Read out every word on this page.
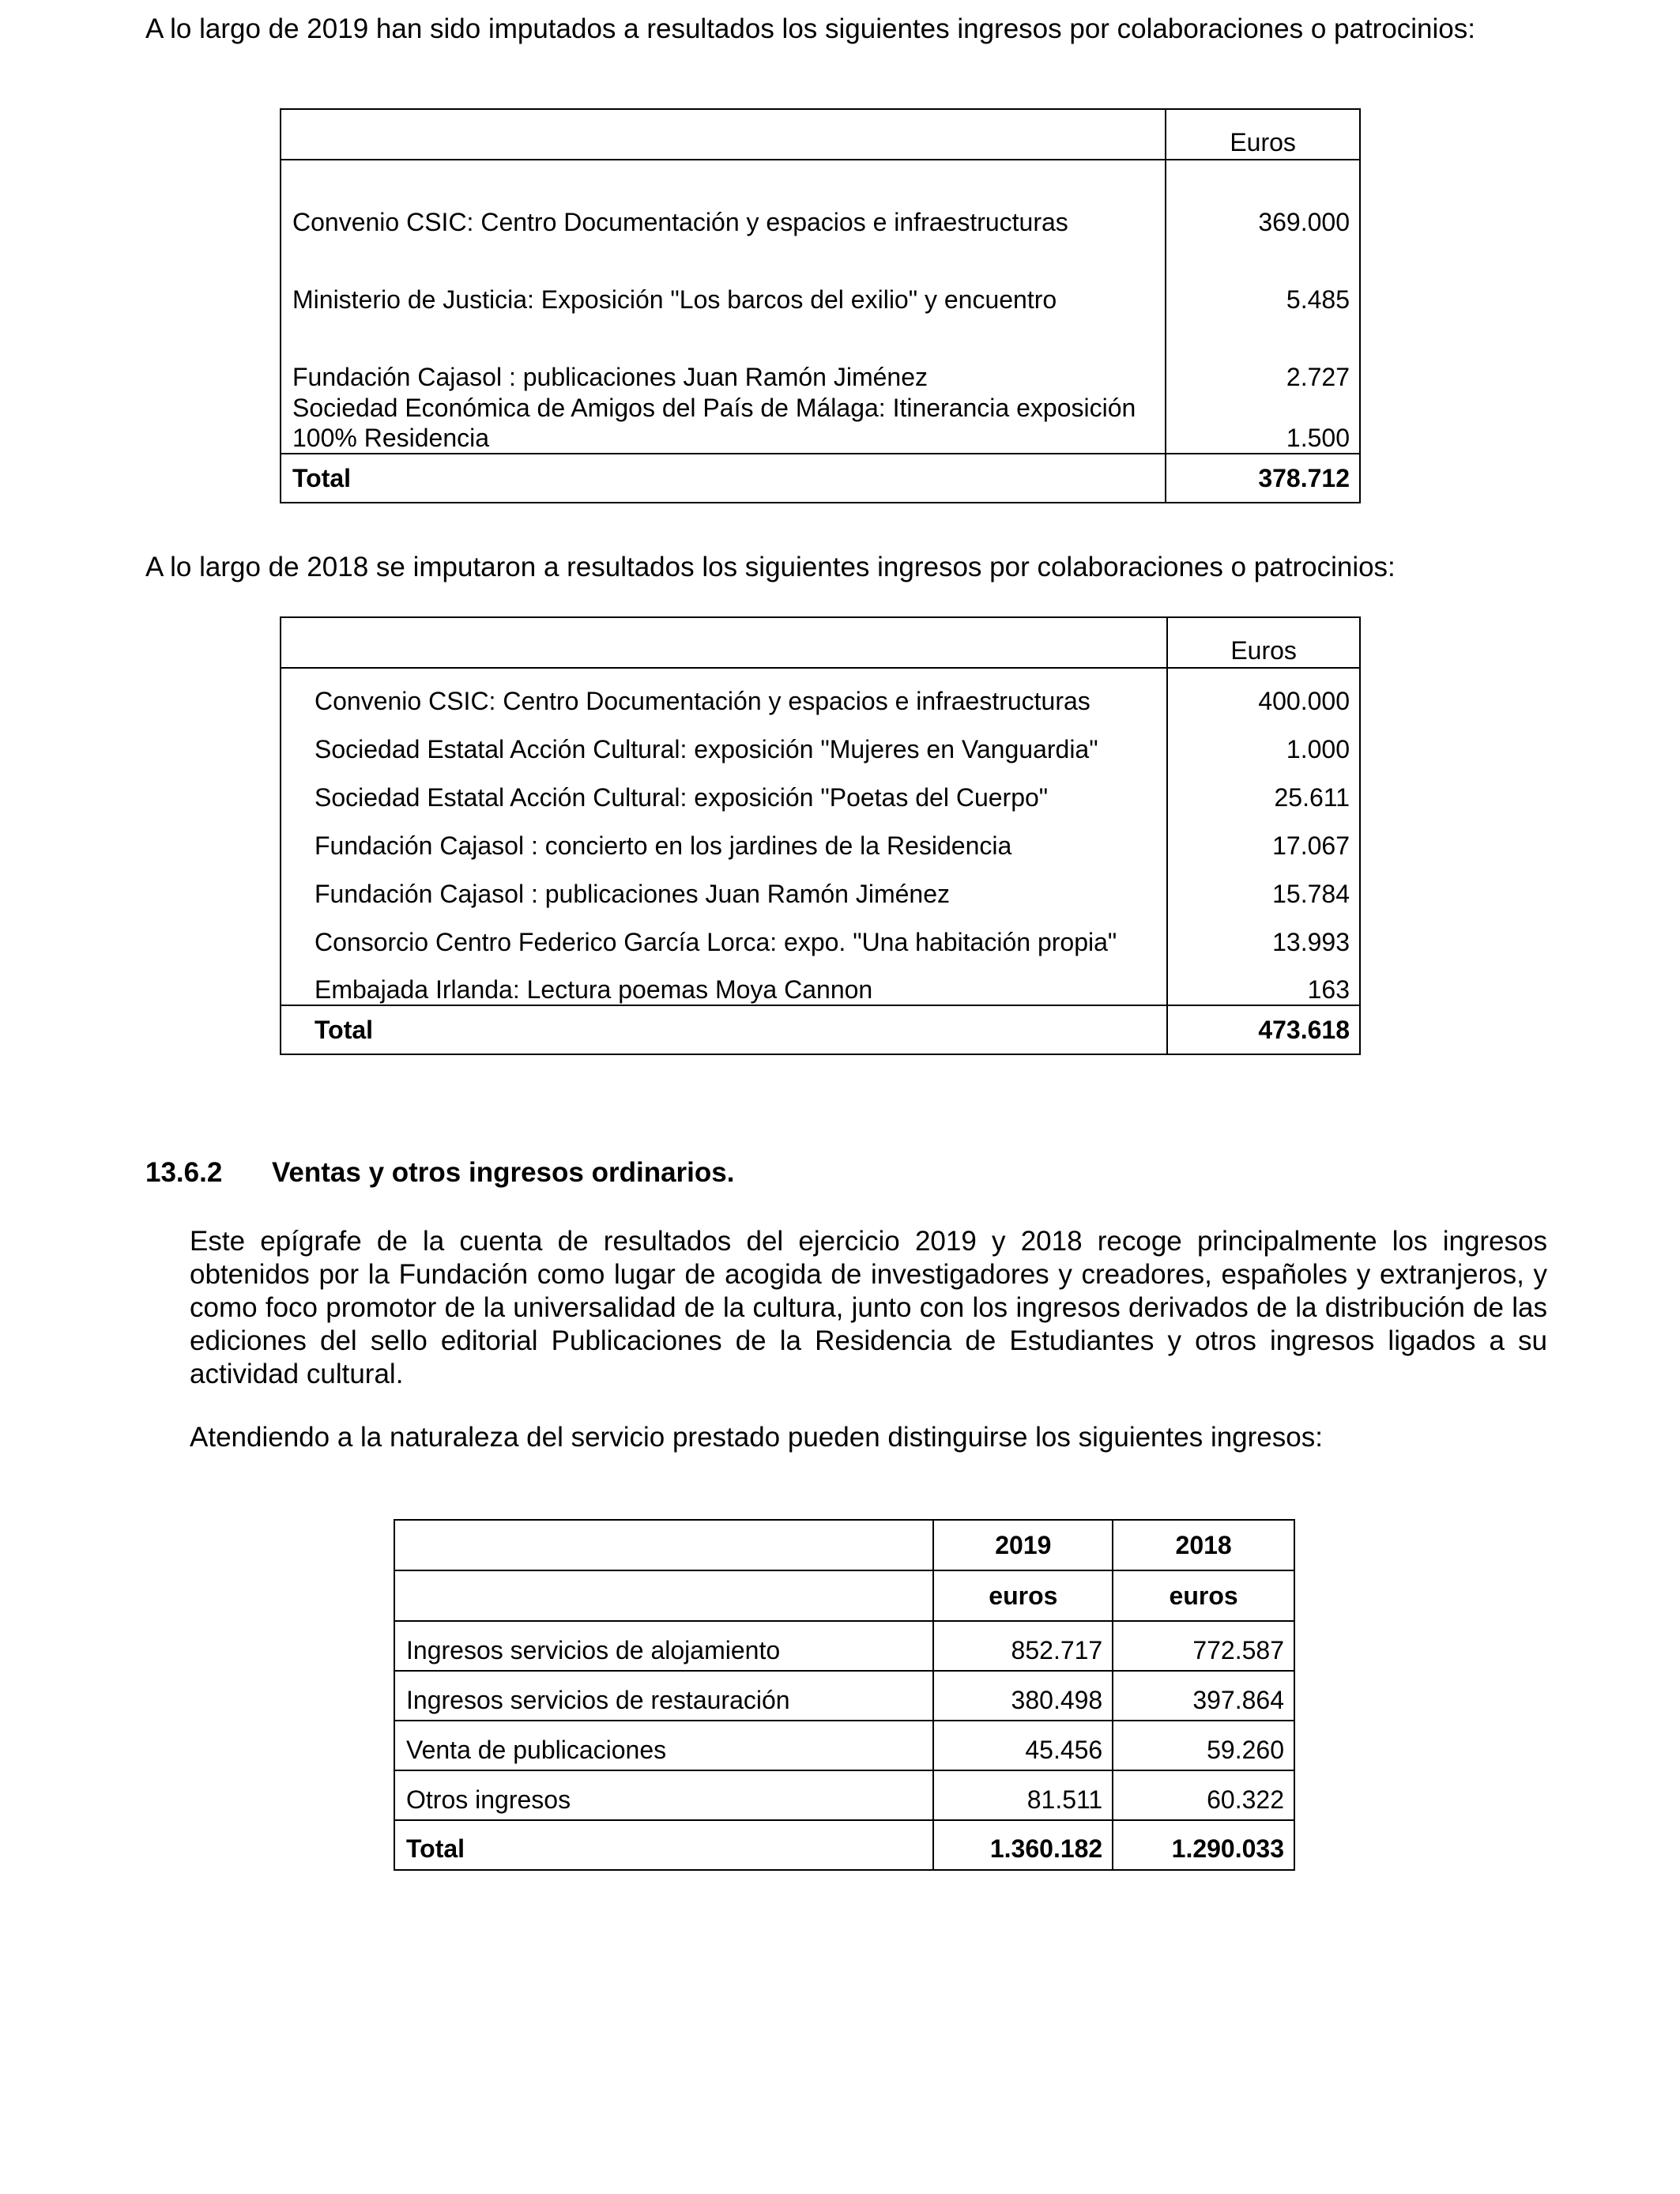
A lo largo de 2019 han sido imputados a resultados los siguientes ingresos por colaboraciones o patrocinios:

	Euros
Convenio CSIC: Centro Documentación y espacios e infraestructuras	369.000
Ministerio de Justicia: Exposición "Los barcos del exilio" y encuentro	5.485
Fundación Cajasol : publicaciones Juan Ramón Jiménez	2.727
Sociedad Económica de Amigos del País de Málaga: Itinerancia exposición 100% Residencia	1.500
Total	378.712

A lo largo de 2018 se imputaron a resultados los siguientes ingresos por colaboraciones o patrocinios:

	Euros
Convenio CSIC: Centro Documentación y espacios e infraestructuras	400.000
Sociedad Estatal Acción Cultural: exposición "Mujeres en Vanguardia"	1.000
Sociedad Estatal Acción Cultural: exposición "Poetas del Cuerpo"	25.611
Fundación Cajasol : concierto en los jardines de la Residencia	17.067
Fundación Cajasol : publicaciones Juan Ramón Jiménez	15.784
Consorcio Centro Federico García Lorca: expo. "Una habitación propia"	13.993
Embajada Irlanda: Lectura poemas Moya Cannon	163
Total	473.618
13.6.2 Ventas y otros ingresos ordinarios.

Este epígrafe de la cuenta de resultados del ejercicio 2019 y 2018 recoge principalmente los ingresos obtenidos por la Fundación como lugar de acogida de investigadores y creadores, españoles y extranjeros, y como foco promotor de la universalidad de la cultura, junto con los ingresos derivados de la distribución de las ediciones del sello editorial Publicaciones de la Residencia de Estudiantes y otros ingresos ligados a su actividad cultural.

Atendiendo a la naturaleza del servicio prestado pueden distinguirse los siguientes ingresos:

	2019	2018
	euros	euros
Ingresos servicios de alojamiento	852.717	772.587
Ingresos servicios de restauración	380.498	397.864
Venta de publicaciones	45.456	59.260
Otros ingresos	81.511	60.322
Total	1.360.182	1.290.033
